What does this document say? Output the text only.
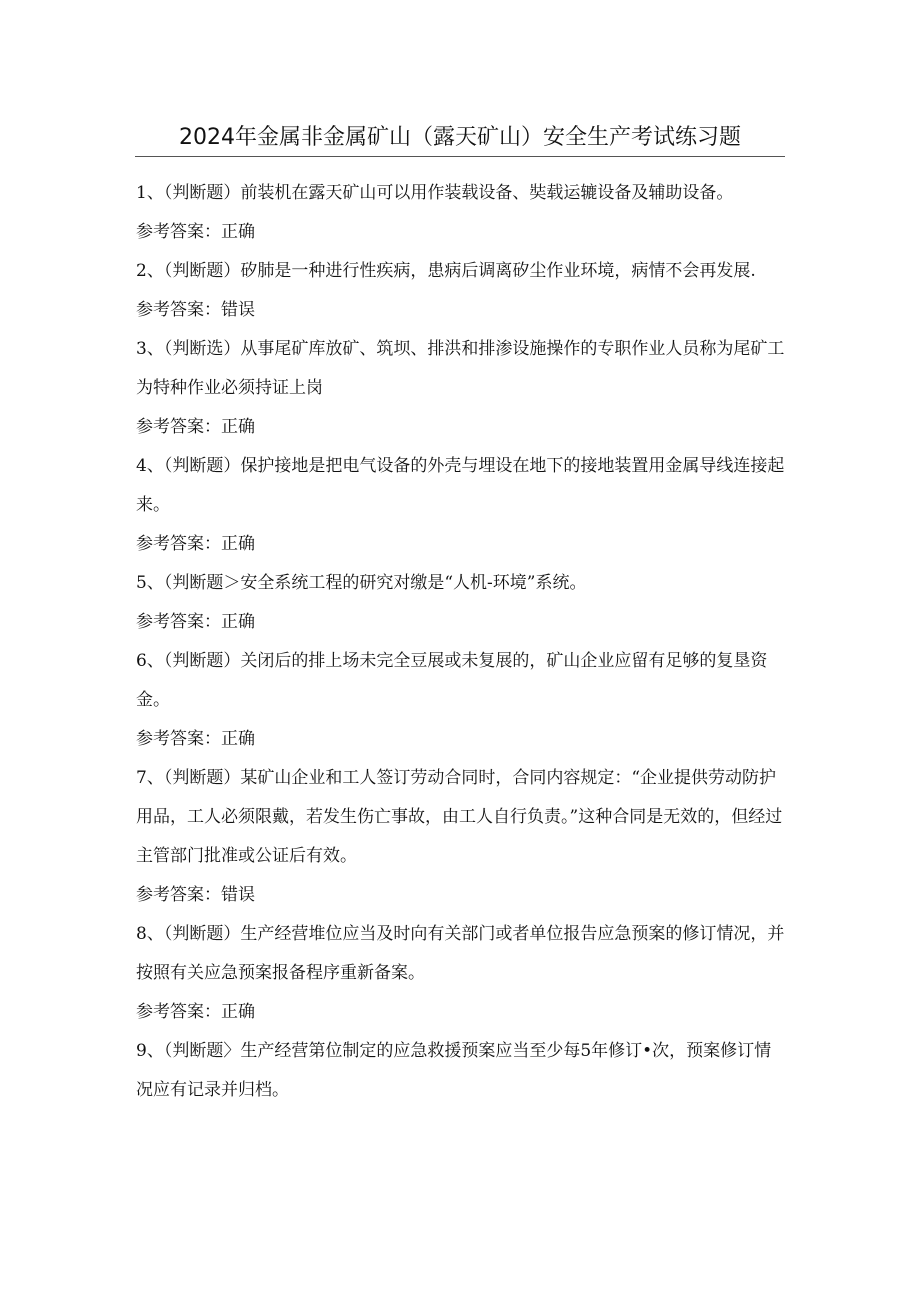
2024年金属非金属矿山（露天矿山）安全生产考试练习题

1、（判断题）前装机在露天矿山可以用作装载设备、奘载运辘设备及辅助设备。

参考答案：正确

2、（判断题）矽肺是一种进行性疾病，患病后调离矽尘作业环境，病情不会再发展.

参考答案：错误

3、（判断选）从事尾矿库放矿、筑坝、排洪和排渗设施操作的专职作业人员称为尾矿工为特种作业必须持证上岗

参考答案：正确

4、（判断题）保护接地是把电气设备的外壳与埋设在地下的接地装置用金属导线连接起来。

参考答案：正确

5、（判断题＞安全系统工程的研究对缴是“人机-环境”系统。

参考答案：正确

6、（判断题）关闭后的排上场未完全豆展或未复展的，矿山企业应留有足够的复垦资金。

参考答案：正确

7、（判断题）某矿山企业和工人签订劳动合同时，合同内容规定：“企业提供劳动防护用品，工人必须限戴，若发生伤亡事故，由工人自行负责。”这种合同是无效的，但经过主管部门批准或公证后有效。

参考答案：错误

8、（判断题）生产经营堆位应当及时向有关部门或者单位报告应急预案的修订情况，并按照有关应急预案报备程序重新备案。

参考答案：正确

9、（判断题〉生产经营第位制定的应急救援预案应当至少每5年修订•次，预案修订情况应有记录并归档。
